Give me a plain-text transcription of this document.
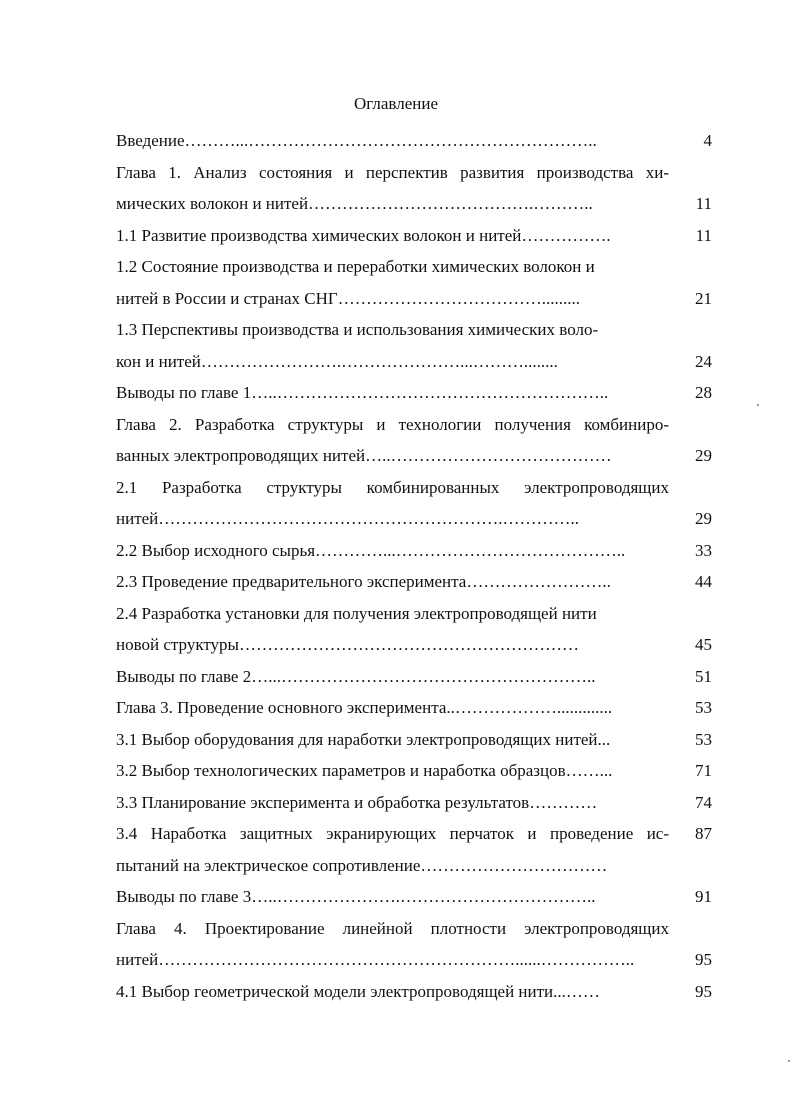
Оглавление
Введение………...……………………………………………………..	4
Глава 1. Анализ состояния и перспектив развития производства хи-
мических волокон и нитей………………………………….………..	11
1.1 Развитие производства химических волокон и нитей…………….	11
1.2 Состояние производства и переработки химических волокон и
нитей в России и странах СНГ……………………………….........	21
1.3 Перспективы производства и использования химических воло-
кон и нитей…………………….…………………...………........	24
Выводы по главе 1…..…………………………………………………..	28
Глава 2. Разработка структуры и технологии получения комбиниро-
ванных электропроводящих нитей…..…………………………………	29
2.1 Разработка структуры комбинированных электропроводящих
нитей…………………………………………………….…………..	29
2.2 Выбор исходного сырья…………...…………………………………..	33
2.3 Проведение предварительного эксперимента……………………..	44
2.4 Разработка установки для получения электропроводящей нити
новой структуры……………………………………………………	45
Выводы по главе 2…...………………………………………………..	51
Глава 3. Проведение основного эксперимента..……………….............	53
3.1 Выбор оборудования для наработки электропроводящих нитей...	53
3.2 Выбор технологических параметров и наработка образцов……...	71
3.3 Планирование эксперимента и обработка результатов…………	74
3.4 Наработка защитных экранирующих перчаток и проведение ис-	87
пытаний на электрическое сопротивление……………………………
Выводы по главе 3…..………………….……………………………..	91
Глава 4. Проектирование линейной плотности электропроводящих
нитей………………………………………………………......……………..	95
4.1 Выбор геометрической модели электропроводящей нити...……	95
